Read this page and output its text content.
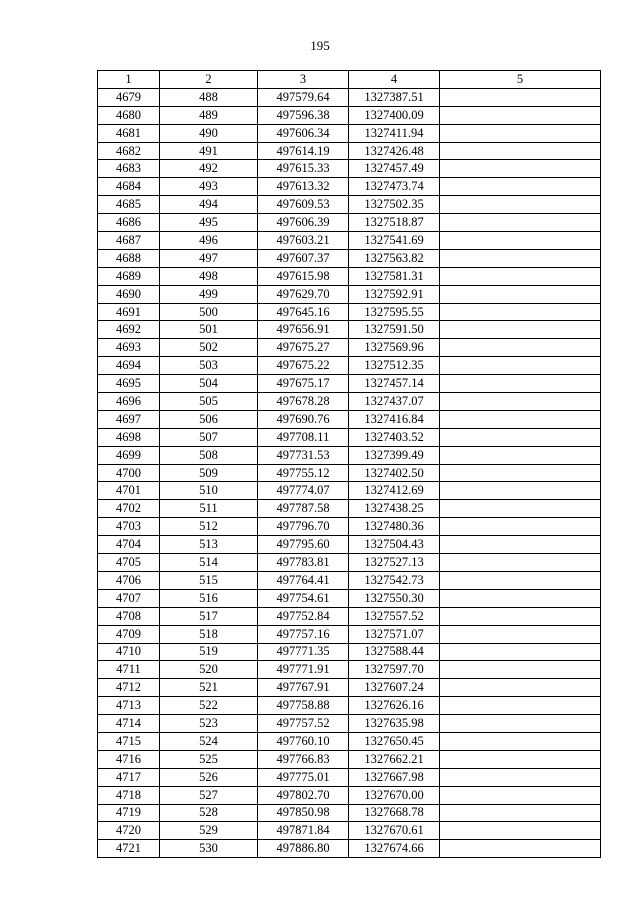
195
1	2	3	4	5
4679	488	497579.64	1327387.51	
4680	489	497596.38	1327400.09	
4681	490	497606.34	1327411.94	
4682	491	497614.19	1327426.48	
4683	492	497615.33	1327457.49	
4684	493	497613.32	1327473.74	
4685	494	497609.53	1327502.35	
4686	495	497606.39	1327518.87	
4687	496	497603.21	1327541.69	
4688	497	497607.37	1327563.82	
4689	498	497615.98	1327581.31	
4690	499	497629.70	1327592.91	
4691	500	497645.16	1327595.55	
4692	501	497656.91	1327591.50	
4693	502	497675.27	1327569.96	
4694	503	497675.22	1327512.35	
4695	504	497675.17	1327457.14	
4696	505	497678.28	1327437.07	
4697	506	497690.76	1327416.84	
4698	507	497708.11	1327403.52	
4699	508	497731.53	1327399.49	
4700	509	497755.12	1327402.50	
4701	510	497774.07	1327412.69	
4702	511	497787.58	1327438.25	
4703	512	497796.70	1327480.36	
4704	513	497795.60	1327504.43	
4705	514	497783.81	1327527.13	
4706	515	497764.41	1327542.73	
4707	516	497754.61	1327550.30	
4708	517	497752.84	1327557.52	
4709	518	497757.16	1327571.07	
4710	519	497771.35	1327588.44	
4711	520	497771.91	1327597.70	
4712	521	497767.91	1327607.24	
4713	522	497758.88	1327626.16	
4714	523	497757.52	1327635.98	
4715	524	497760.10	1327650.45	
4716	525	497766.83	1327662.21	
4717	526	497775.01	1327667.98	
4718	527	497802.70	1327670.00	
4719	528	497850.98	1327668.78	
4720	529	497871.84	1327670.61	
4721	530	497886.80	1327674.66	
